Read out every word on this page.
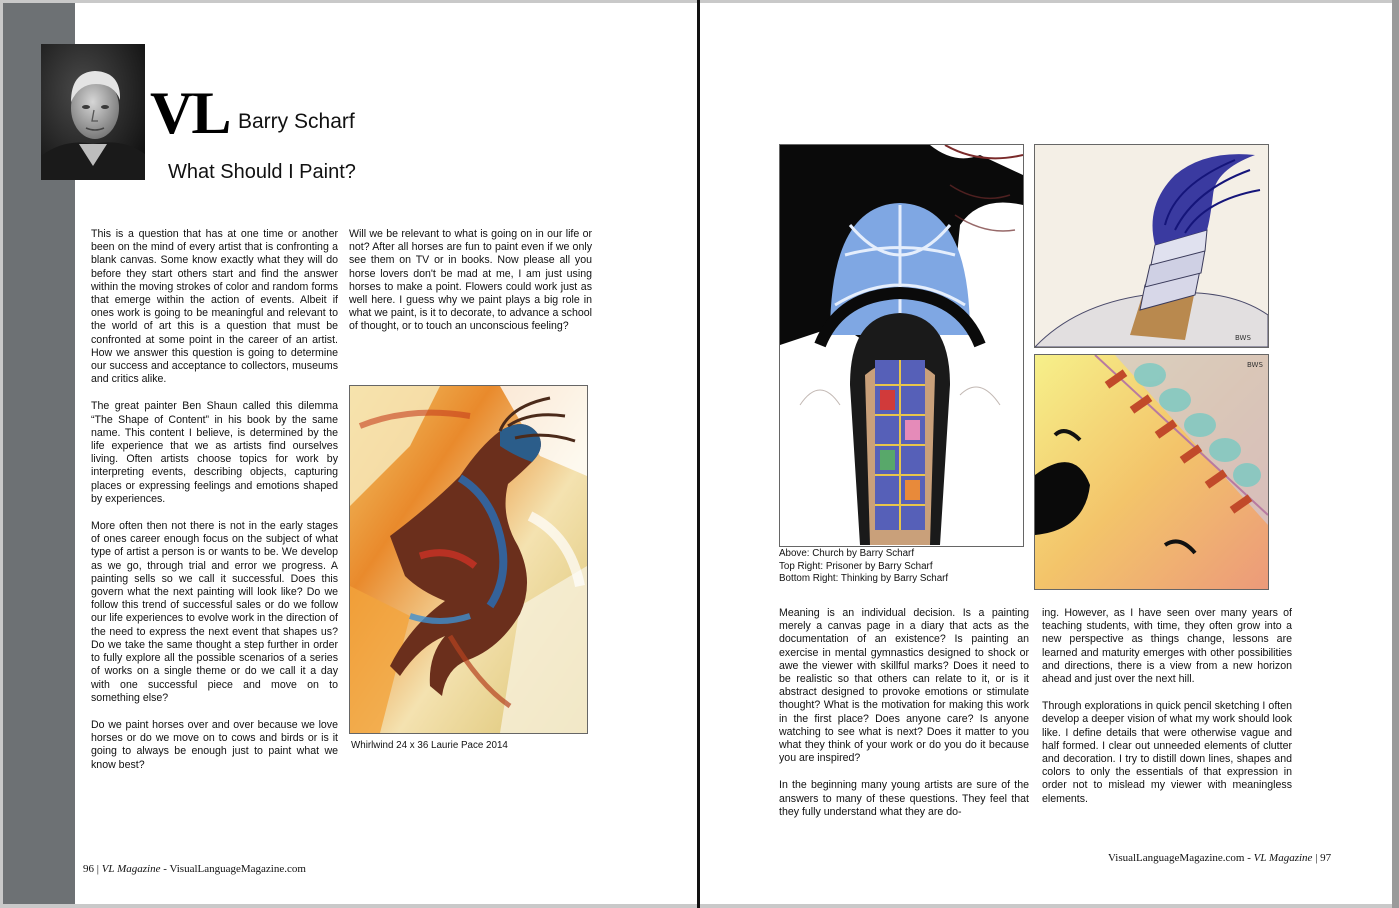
VL Barry Scharf
What Should I Paint?

This is a question that has at one time or another been on the mind of every artist that is confronting a blank canvas. Some know exactly what they will do before they start others start and find the answer within the moving strokes of color and random forms that emerge within the action of events. Albeit if ones work is going to be meaningful and relevant to the world of art this is a question that must be confronted at some point in the career of an artist. How we answer this question is going to determine our success and acceptance to collectors, museums and critics alike.

The great painter Ben Shaun called this dilemma “The Shape of Content” in his book by the same name. This content I believe, is determined by the life experience that we as artists find ourselves living. Often artists choose topics for work by interpreting events, describing objects, capturing places or expressing feelings and emotions shaped by experiences.

More often then not there is not in the early stages of ones career enough focus on the subject of what type of artist a person is or wants to be. We develop as we go, through trial and error we progress. A painting sells so we call it successful. Does this govern what the next painting will look like? Do we follow this trend of successful sales or do we follow our life experiences to evolve work in the direction of the need to express the next event that shapes us? Do we take the same thought a step further in order to fully explore all the possible scenarios of a series of works on a single theme or do we call it a day with one successful piece and move on to something else?

Do we paint horses over and over because we love horses or do we move on to cows and birds or is it going to always be enough just to paint what we know best?

Will we be relevant to what is going on in our life or not? After all horses are fun to paint even if we only see them on TV or in books. Now please all you horse lovers don't be mad at me, I am just using horses to make a point. Flowers could work just as well here. I guess why we paint plays a big role in what we paint, is it to decorate, to advance a school of thought, or to touch an unconscious feeling?

Whirlwind 24 x 36 Laurie Pace 2014
96 | VL Magazine - VisualLanguageMagazine.com
BWS
BWS
Above: Church by Barry Scharf
Top Right: Prisoner by Barry Scharf
Bottom Right: Thinking by Barry Scharf

Meaning is an individual decision. Is a painting merely a canvas page in a diary that acts as the documentation of an existence? Is painting an exercise in mental gymnastics designed to shock or awe the viewer with skillful marks? Does it need to be realistic so that others can relate to it, or is it abstract designed to provoke emotions or stimulate thought? What is the motivation for making this work in the first place? Does anyone care? Is anyone watching to see what is next? Does it matter to you what they think of your work or do you do it because you are inspired?

In the beginning many young artists are sure of the answers to many of these questions. They feel that they fully understand what they are do-

ing. However, as I have seen over many years of teaching students, with time, they often grow into a new perspective as things change, lessons are learned and maturity emerges with other possibilities and directions, there is a view from a new horizon ahead and just over the next hill.

Through explorations in quick pencil sketching I often develop a deeper vision of what my work should look like. I define details that were otherwise vague and half formed. I clear out unneeded elements of clutter and decoration. I try to distill down lines, shapes and colors to only the essentials of that expression in order not to mislead my viewer with meaningless elements.

VisualLanguageMagazine.com - VL Magazine | 97
